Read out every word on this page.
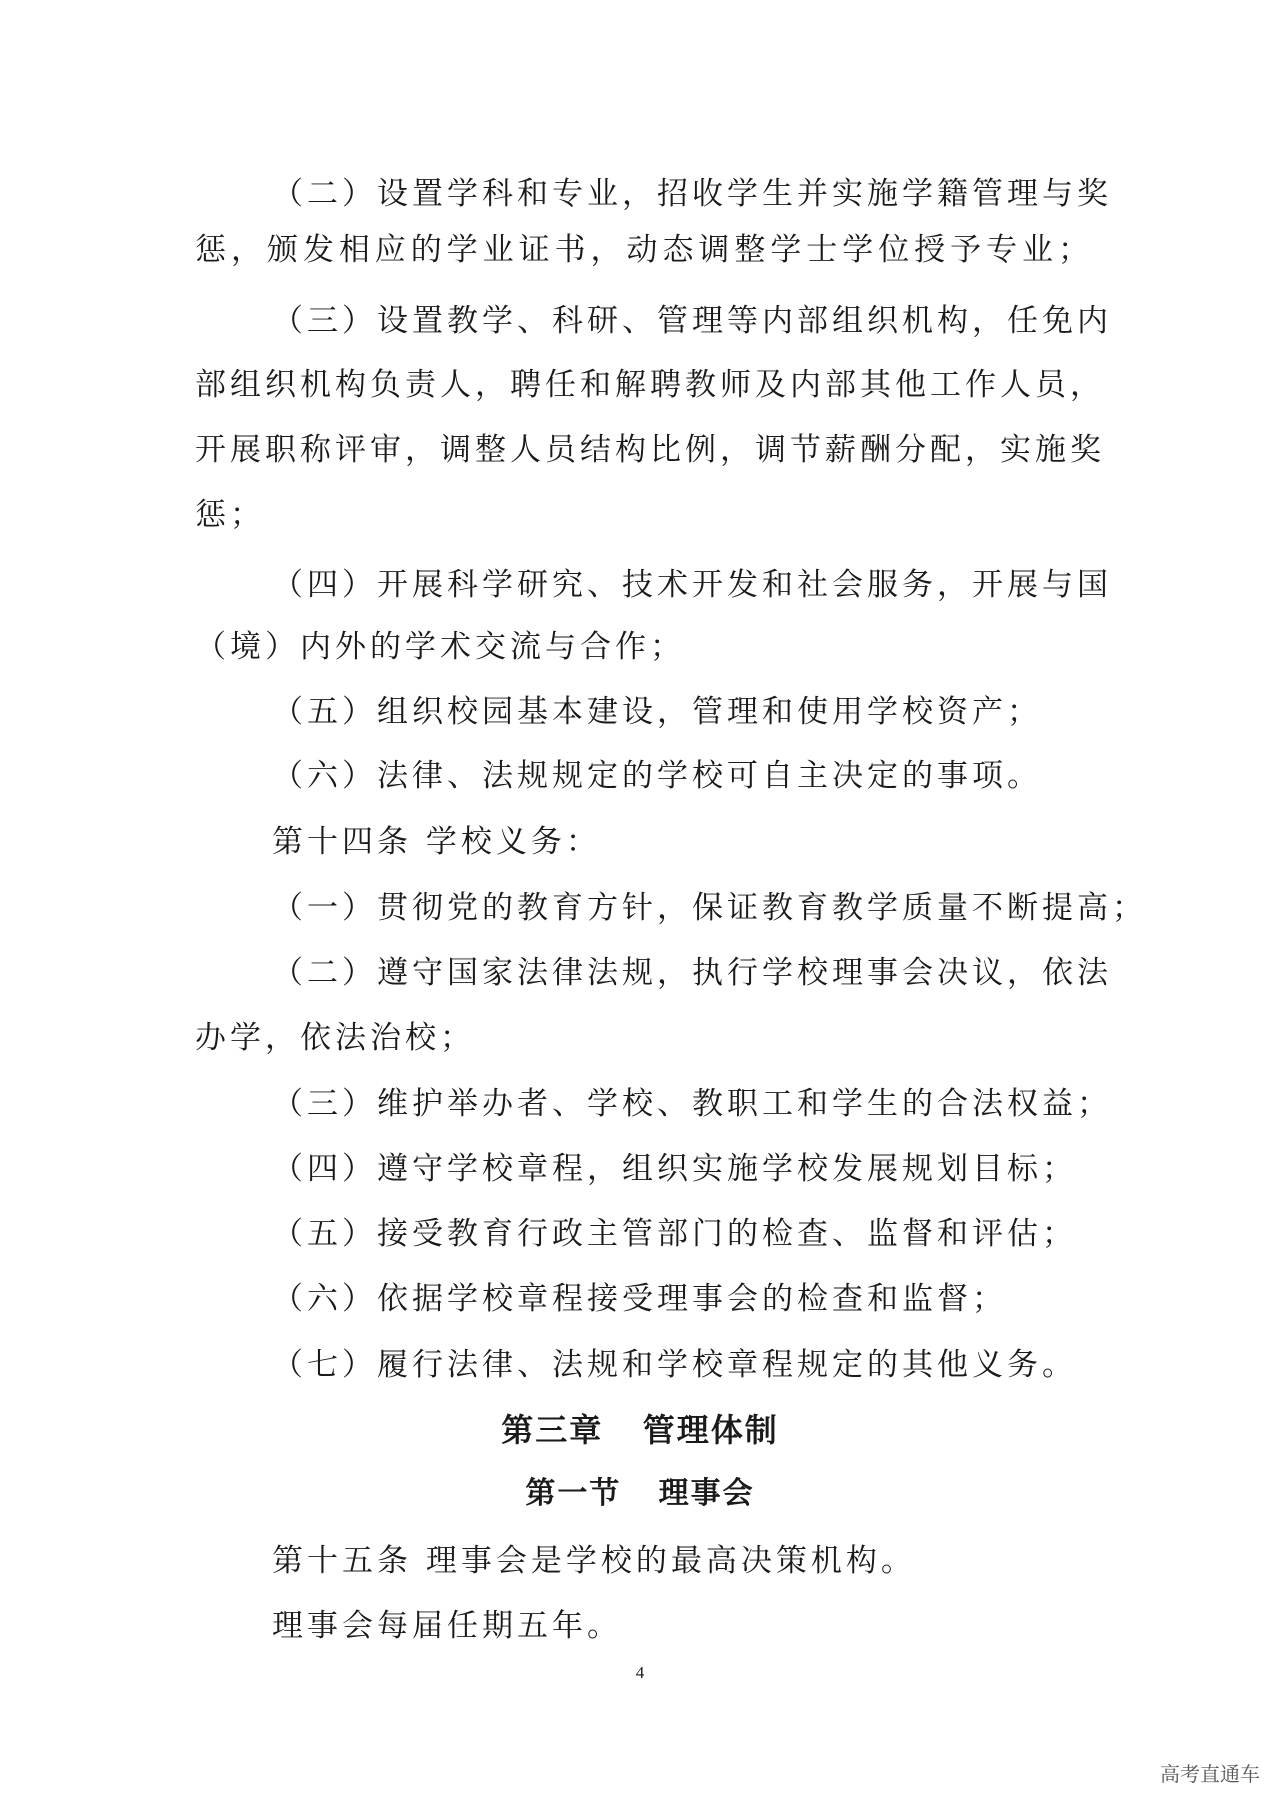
（二）设置学科和专业，招收学生并实施学籍管理与奖
惩，颁发相应的学业证书，动态调整学士学位授予专业；
（三）设置教学、科研、管理等内部组织机构，任免内
部组织机构负责人，聘任和解聘教师及内部其他工作人员，
开展职称评审，调整人员结构比例，调节薪酬分配，实施奖
惩；
（四）开展科学研究、技术开发和社会服务，开展与国
（境）内外的学术交流与合作；
（五）组织校园基本建设，管理和使用学校资产；
（六）法律、法规规定的学校可自主决定的事项。
第十四条 学校义务：
（一）贯彻党的教育方针，保证教育教学质量不断提高；
（二）遵守国家法律法规，执行学校理事会决议，依法
办学，依法治校；
（三）维护举办者、学校、教职工和学生的合法权益；
（四）遵守学校章程，组织实施学校发展规划目标；
（五）接受教育行政主管部门的检查、监督和评估；
（六）依据学校章程接受理事会的检查和监督；
（七）履行法律、法规和学校章程规定的其他义务。
第三章   管理体制
第一节   理事会
第十五条 理事会是学校的最高决策机构。
理事会每届任期五年。
4
高考直通车
